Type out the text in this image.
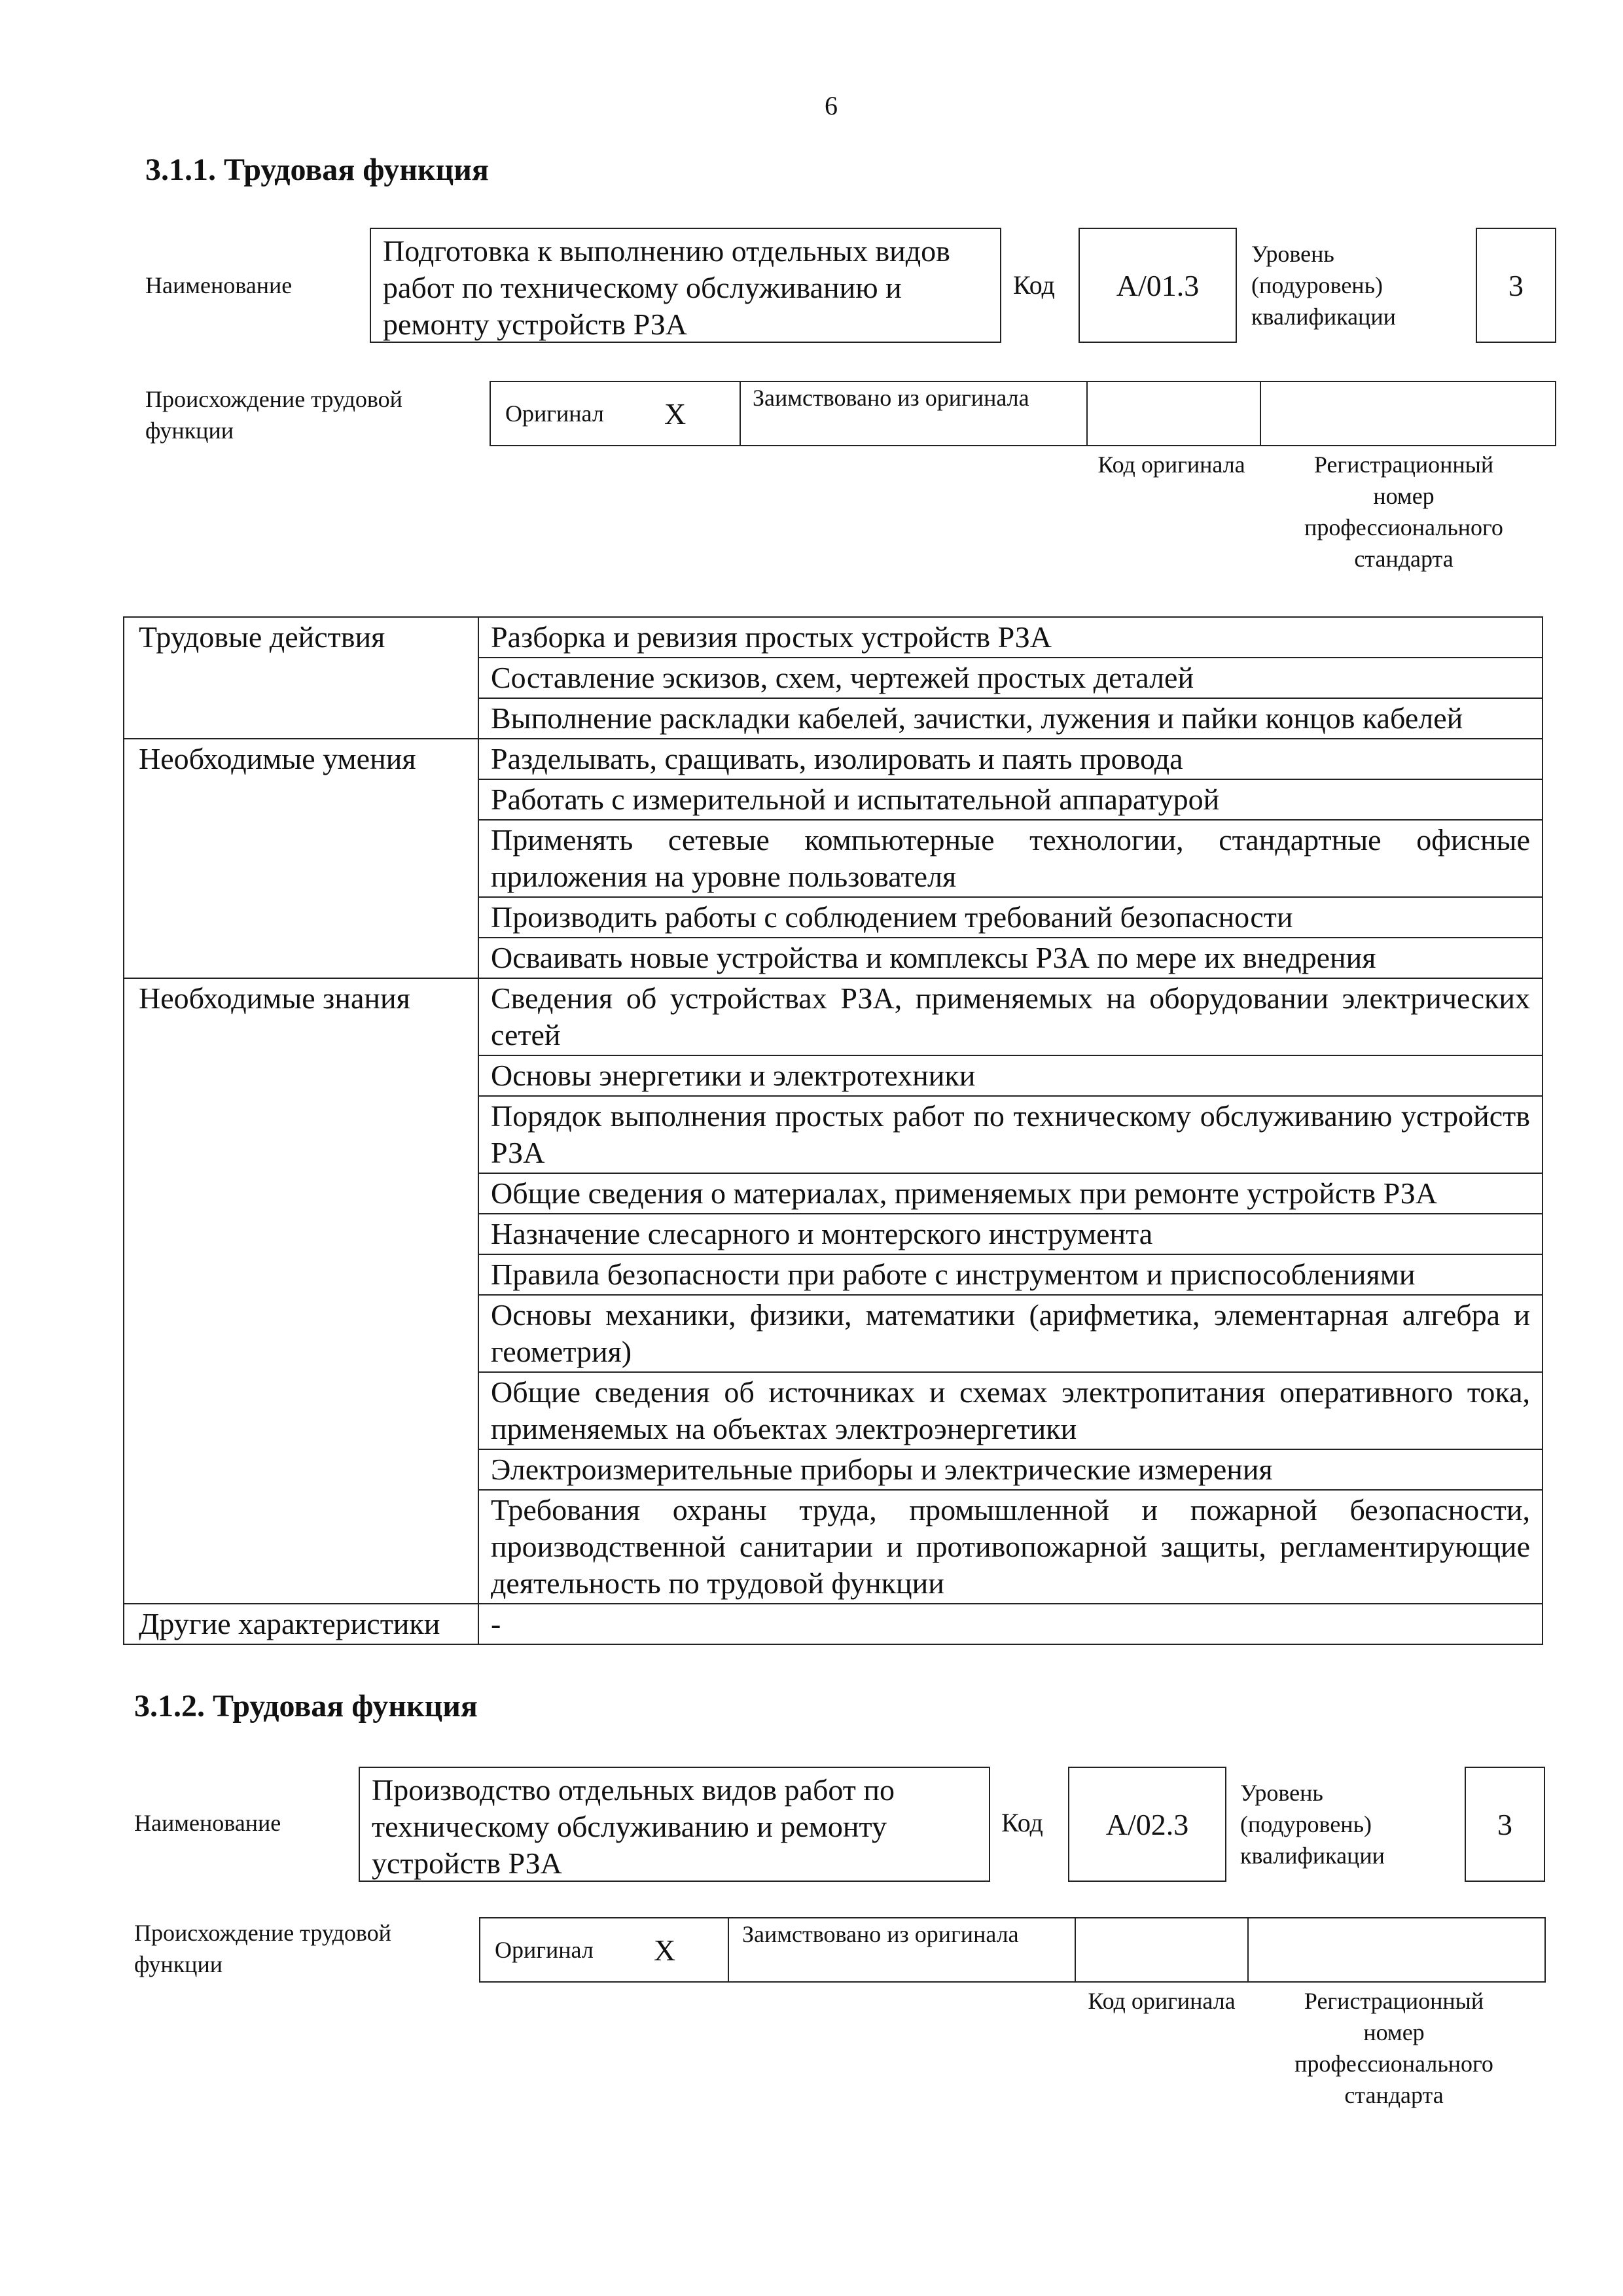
6
3.1.1. Трудовая функция
Наименование
Подготовка к выполнению отдельных видов работ по техническому обслуживанию и ремонту устройств РЗА
Код	А/01.3
Уровень (подуровень) квалификации
3
Происхождение трудовой функции
Оригинал X	Заимствовано из оригинала
Код оригинала	Регистрационный номер профессионального стандарта
Трудовые действия	Разборка и ревизия простых устройств РЗА
	Составление эскизов, схем, чертежей простых деталей
	Выполнение раскладки кабелей, зачистки, лужения и пайки концов кабелей
Необходимые умения	Разделывать, сращивать, изолировать и паять провода
	Работать с измерительной и испытательной аппаратурой
	Применять сетевые компьютерные технологии, стандартные офисные приложения на уровне пользователя
	Производить работы с соблюдением требований безопасности
	Осваивать новые устройства и комплексы РЗА по мере их внедрения
Необходимые знания	Сведения об устройствах РЗА, применяемых на оборудовании электрических сетей
	Основы энергетики и электротехники
	Порядок выполнения простых работ по техническому обслуживанию устройств РЗА
	Общие сведения о материалах, применяемых при ремонте устройств РЗА
	Назначение слесарного и монтерского инструмента
	Правила безопасности при работе с инструментом и приспособлениями
	Основы механики, физики, математики (арифметика, элементарная алгебра и геометрия)
	Общие сведения об источниках и схемах электропитания оперативного тока, применяемых на объектах электроэнергетики
	Электроизмерительные приборы и электрические измерения
	Требования охраны труда, промышленной и пожарной безопасности, производственной санитарии и противопожарной защиты, регламентирующие деятельность по трудовой функции
Другие характеристики	-
3.1.2. Трудовая функция
Наименование
Производство отдельных видов работ по техническому обслуживанию и ремонту устройств РЗА
Код	А/02.3
Уровень (подуровень) квалификации
3
Происхождение трудовой функции
Оригинал X	Заимствовано из оригинала
Код оригинала	Регистрационный номер профессионального стандарта
